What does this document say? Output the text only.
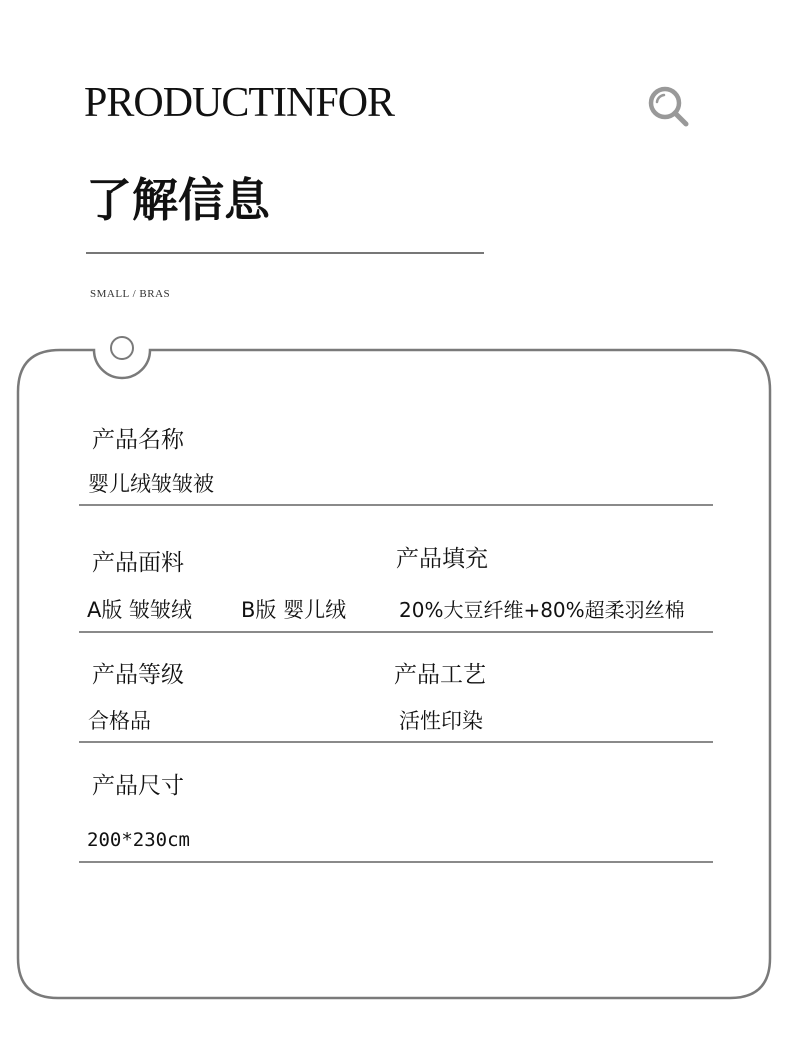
PRODUCTINFOR
了解信息
SMALL / BRAS
产品名称
婴儿绒皱皱被
产品面料	产品填充
A版 皱皱绒 B版 婴儿绒	20%大豆纤维+80%超柔羽丝棉
产品等级	产品工艺
合格品	活性印染
产品尺寸
200*230cm
